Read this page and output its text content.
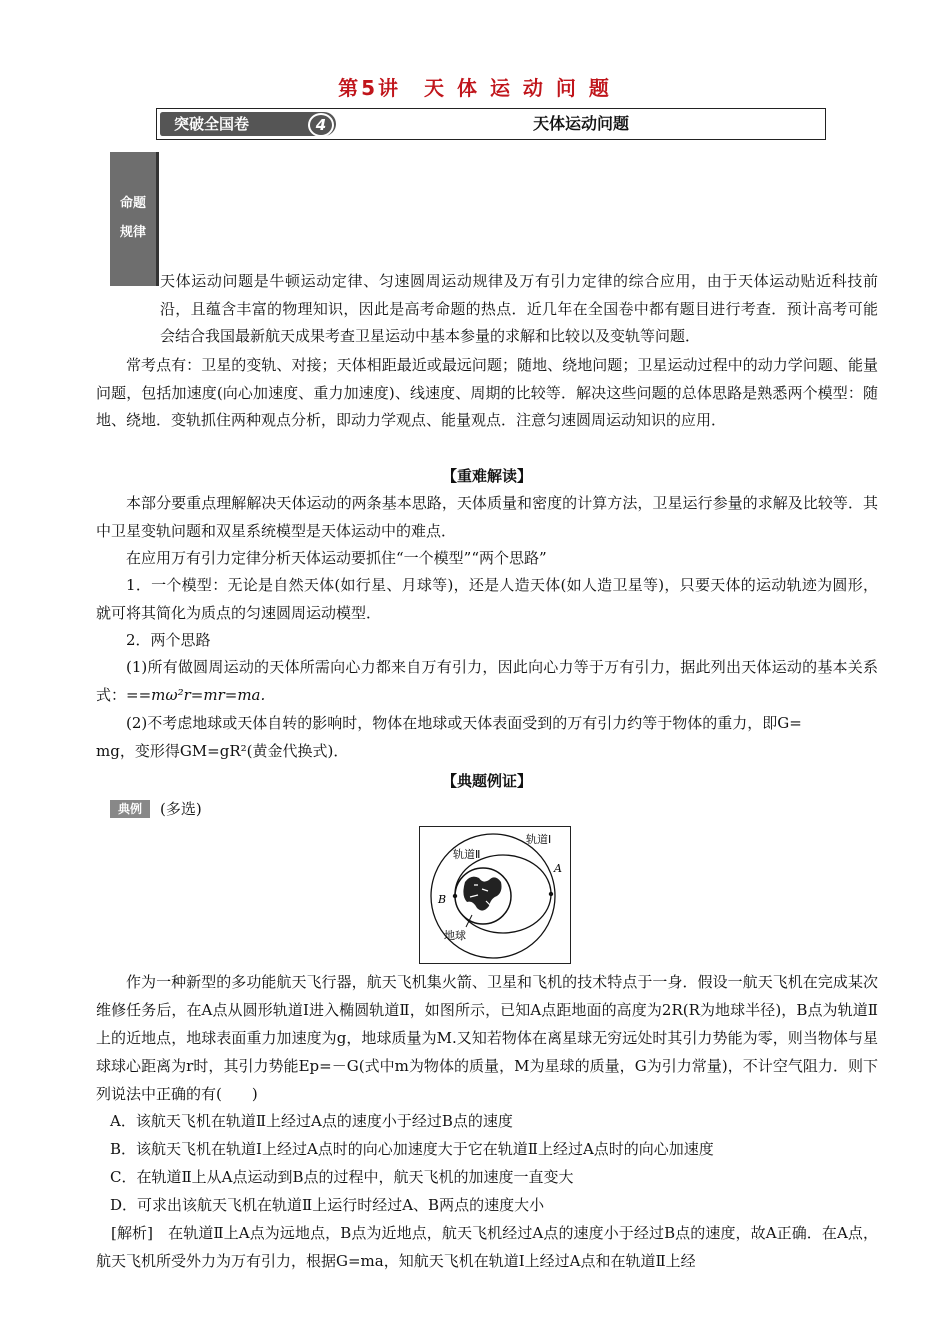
第5讲　天 体 运 动 问 题
突破全国卷	4	天体运动问题
命题
规律
天体运动问题是牛顿运动定律、匀速圆周运动规律及万有引力定律的综合应用，由于天体运动贴近科技前沿，且蕴含丰富的物理知识，因此是高考命题的热点．近几年在全国卷中都有题目进行考查．预计高考可能会结合我国最新航天成果考查卫星运动中基本参量的求解和比较以及变轨等问题．
常考点有：卫星的变轨、对接；天体相距最近或最远问题；随地、绕地问题；卫星运动过程中的动力学问题、能量问题，包括加速度(向心加速度、重力加速度)、线速度、周期的比较等．解决这些问题的总体思路是熟悉两个模型：随地、绕地．变轨抓住两种观点分析，即动力学观点、能量观点．注意匀速圆周运动知识的应用．
【重难解读】
本部分要重点理解解决天体运动的两条基本思路，天体质量和密度的计算方法，卫星运行参量的求解及比较等．其中卫星变轨问题和双星系统模型是天体运动中的难点．
在应用万有引力定律分析天体运动要抓住“一个模型”“两个思路”
1．一个模型：无论是自然天体(如行星、月球等)，还是人造天体(如人造卫星等)，只要天体的运动轨迹为圆形，就可将其简化为质点的匀速圆周运动模型．
2．两个思路
(1)所有做圆周运动的天体所需向心力都来自万有引力，因此向心力等于万有引力，据此列出天体运动的基本关系式：==mω²r=mr=ma.
(2)不考虑地球或天体自转的影响时，物体在地球或天体表面受到的万有引力约等于物体的重力，即G=
mg，变形得GM=gR²(黄金代换式)．
【典题例证】
典例	(多选)
轨道Ⅰ
轨道Ⅱ
A
B
地球
作为一种新型的多功能航天飞行器，航天飞机集火箭、卫星和飞机的技术特点于一身．假设一航天飞机在完成某次维修任务后，在A点从圆形轨道Ⅰ进入椭圆轨道Ⅱ，如图所示，已知A点距地面的高度为2R(R为地球半径)，B点为轨道Ⅱ上的近地点，地球表面重力加速度为g，地球质量为M.又知若物体在离星球无穷远处时其引力势能为零，则当物体与星球球心距离为r时，其引力势能Ep=－G(式中m为物体的质量，M为星球的质量，G为引力常量)，不计空气阻力．则下列说法中正确的有(　　)
A．该航天飞机在轨道Ⅱ上经过A点的速度小于经过B点的速度
B．该航天飞机在轨道Ⅰ上经过A点时的向心加速度大于它在轨道Ⅱ上经过A点时的向心加速度
C．在轨道Ⅱ上从A点运动到B点的过程中，航天飞机的加速度一直变大
D．可求出该航天飞机在轨道Ⅱ上运行时经过A、B两点的速度大小
[解析]　在轨道Ⅱ上A点为远地点，B点为近地点，航天飞机经过A点的速度小于经过B点的速度，故A正确．在A点，航天飞机所受外力为万有引力，根据G=ma，知航天飞机在轨道Ⅰ上经过A点和在轨道Ⅱ上经
